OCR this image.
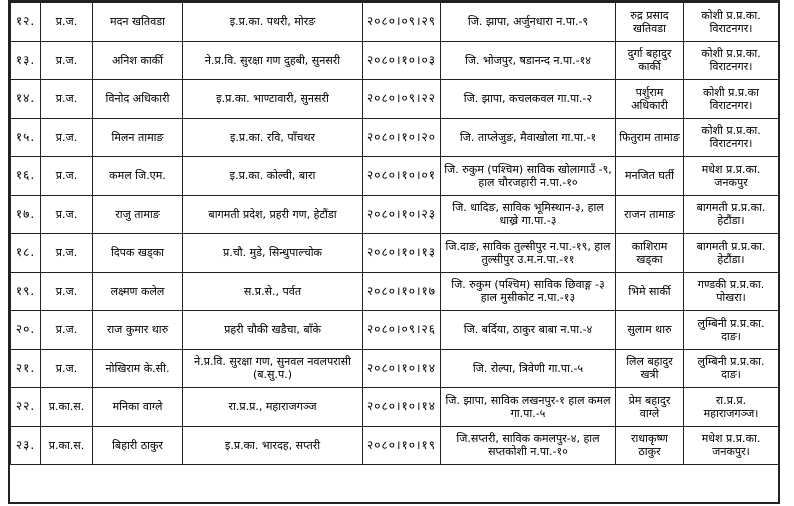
१२.	प्र.ज.	मदन खतिवडा	इ.प्र.का. पथरी, मोरङ	२०८०।०९।२९	जि. झापा, अर्जुनधारा न.पा.-९	रुद्र प्रसाद खतिवडा	कोशी प्र.प्र.का. विराटनगर।
१३.	प्र.ज.	अनिश कार्की	ने.प्र.वि. सुरक्षा गण दुहबी, सुनसरी	२०८०।१०।०३	जि. भोजपुर, षडानन्द न.पा.-१४	दुर्गा बहादुर कार्की	कोशी प्र.प्र.का. विराटनगर।
१४.	प्र.ज.	विनोद अधिकारी	इ.प्र.का. भाण्टावारी, सुनसरी	२०८०।०९।२२	जि. झापा, कचलकवल गा.पा.-२	पर्शुराम अधिकारी	कोशी प्र.प्र.का विराटनगर।
१५.	प्र.ज.	मिलन तामाङ	इ.प्र.का. रवि, पाँचथर	२०८०।१०।२०	जि. ताप्लेजुङ, मैवाखोला गा.पा.-१	फितुराम तामाङ	कोशी प्र.प्र.का. विराटनगर।
१६.	प्र.ज.	कमल जि.एम.	इ.प्र.का. कोल्वी, बारा	२०८०।१०।०१	जि. रुकुम (पश्चिम) साविक खोलागाउँ -९, हाल चौरजहारी न.पा.-१०	मनजित घर्ती	मधेश प्र.प्र.का. जनकपुर
१७.	प्र.ज.	राजु तामाङ	बागमती प्रदेश, प्रहरी गण, हेटौंडा	२०८०।१०।२३	जि. धादिङ, साविक भूमिस्थान-३, हाल धाख्रे गा.पा.-३	राजन तामाङ	बागमती प्र.प्र.का. हेटौंडा।
१८.	प्र.ज.	दिपक खड्का	प्र.चौ. मुडे, सिन्धुपाल्चोक	२०८०।१०।१३	जि.दाङ, साविक तुल्सीपुर न.पा.-१९, हाल तुल्सीपुर उ.म.न.पा.-११	काशिराम खड्का	बागमती प्र.प्र.का. हेटौंडा।
१९.	प्र.ज.	लक्ष्मण कलेल	स.प्र.से., पर्वत	२०८०।१०।१७	जि. रुकुम (पश्चिम) साविक छिवाङ्ग -३ हाल मुसीकोट न.पा.-१३	भिमे सार्की	गण्डकी प्र.प्र.का. पोखरा।
२०.	प्र.ज.	राज कुमार थारु	प्रहरी चौकी खडैचा, बाँके	२०८०।०९।२६	जि. बर्दिया, ठाकुर बाबा न.पा.-४	सुलाम थारु	लुम्बिनी प्र.प्र.का. दाङ।
२१.	प्र.ज.	नोखिराम के.सी.	ने.प्र.वि. सुरक्षा गण, सुनवल नवलपरासी (ब.सु.प.)	२०८०।१०।१४	जि. रोल्पा, त्रिवेणी गा.पा.-५	लिल बहादुर खत्री	लुम्बिनी प्र.प्र.का. दाङ।
२२.	प्र.का.स.	मनिका वाग्ले	रा.प्र.प्र., महाराजगञ्ज	२०८०।१०।१४	जि. झापा, साविक लखनपुर-१ हाल कमल गा.पा.-५	प्रेम बहादुर वाग्ले	रा.प्र.प्र. महाराजगञ्ज।
२३.	प्र.का.स.	बिहारी ठाकुर	इ.प्र.का. भारदह, सप्तरी	२०८०।१०।१९	जि.सप्तरी, साविक कमलपुर-४, हाल सप्तकोशी न.पा.-१०	राधाकृष्ण ठाकुर	मधेश प्र.प्र.का. जनकपुर।
